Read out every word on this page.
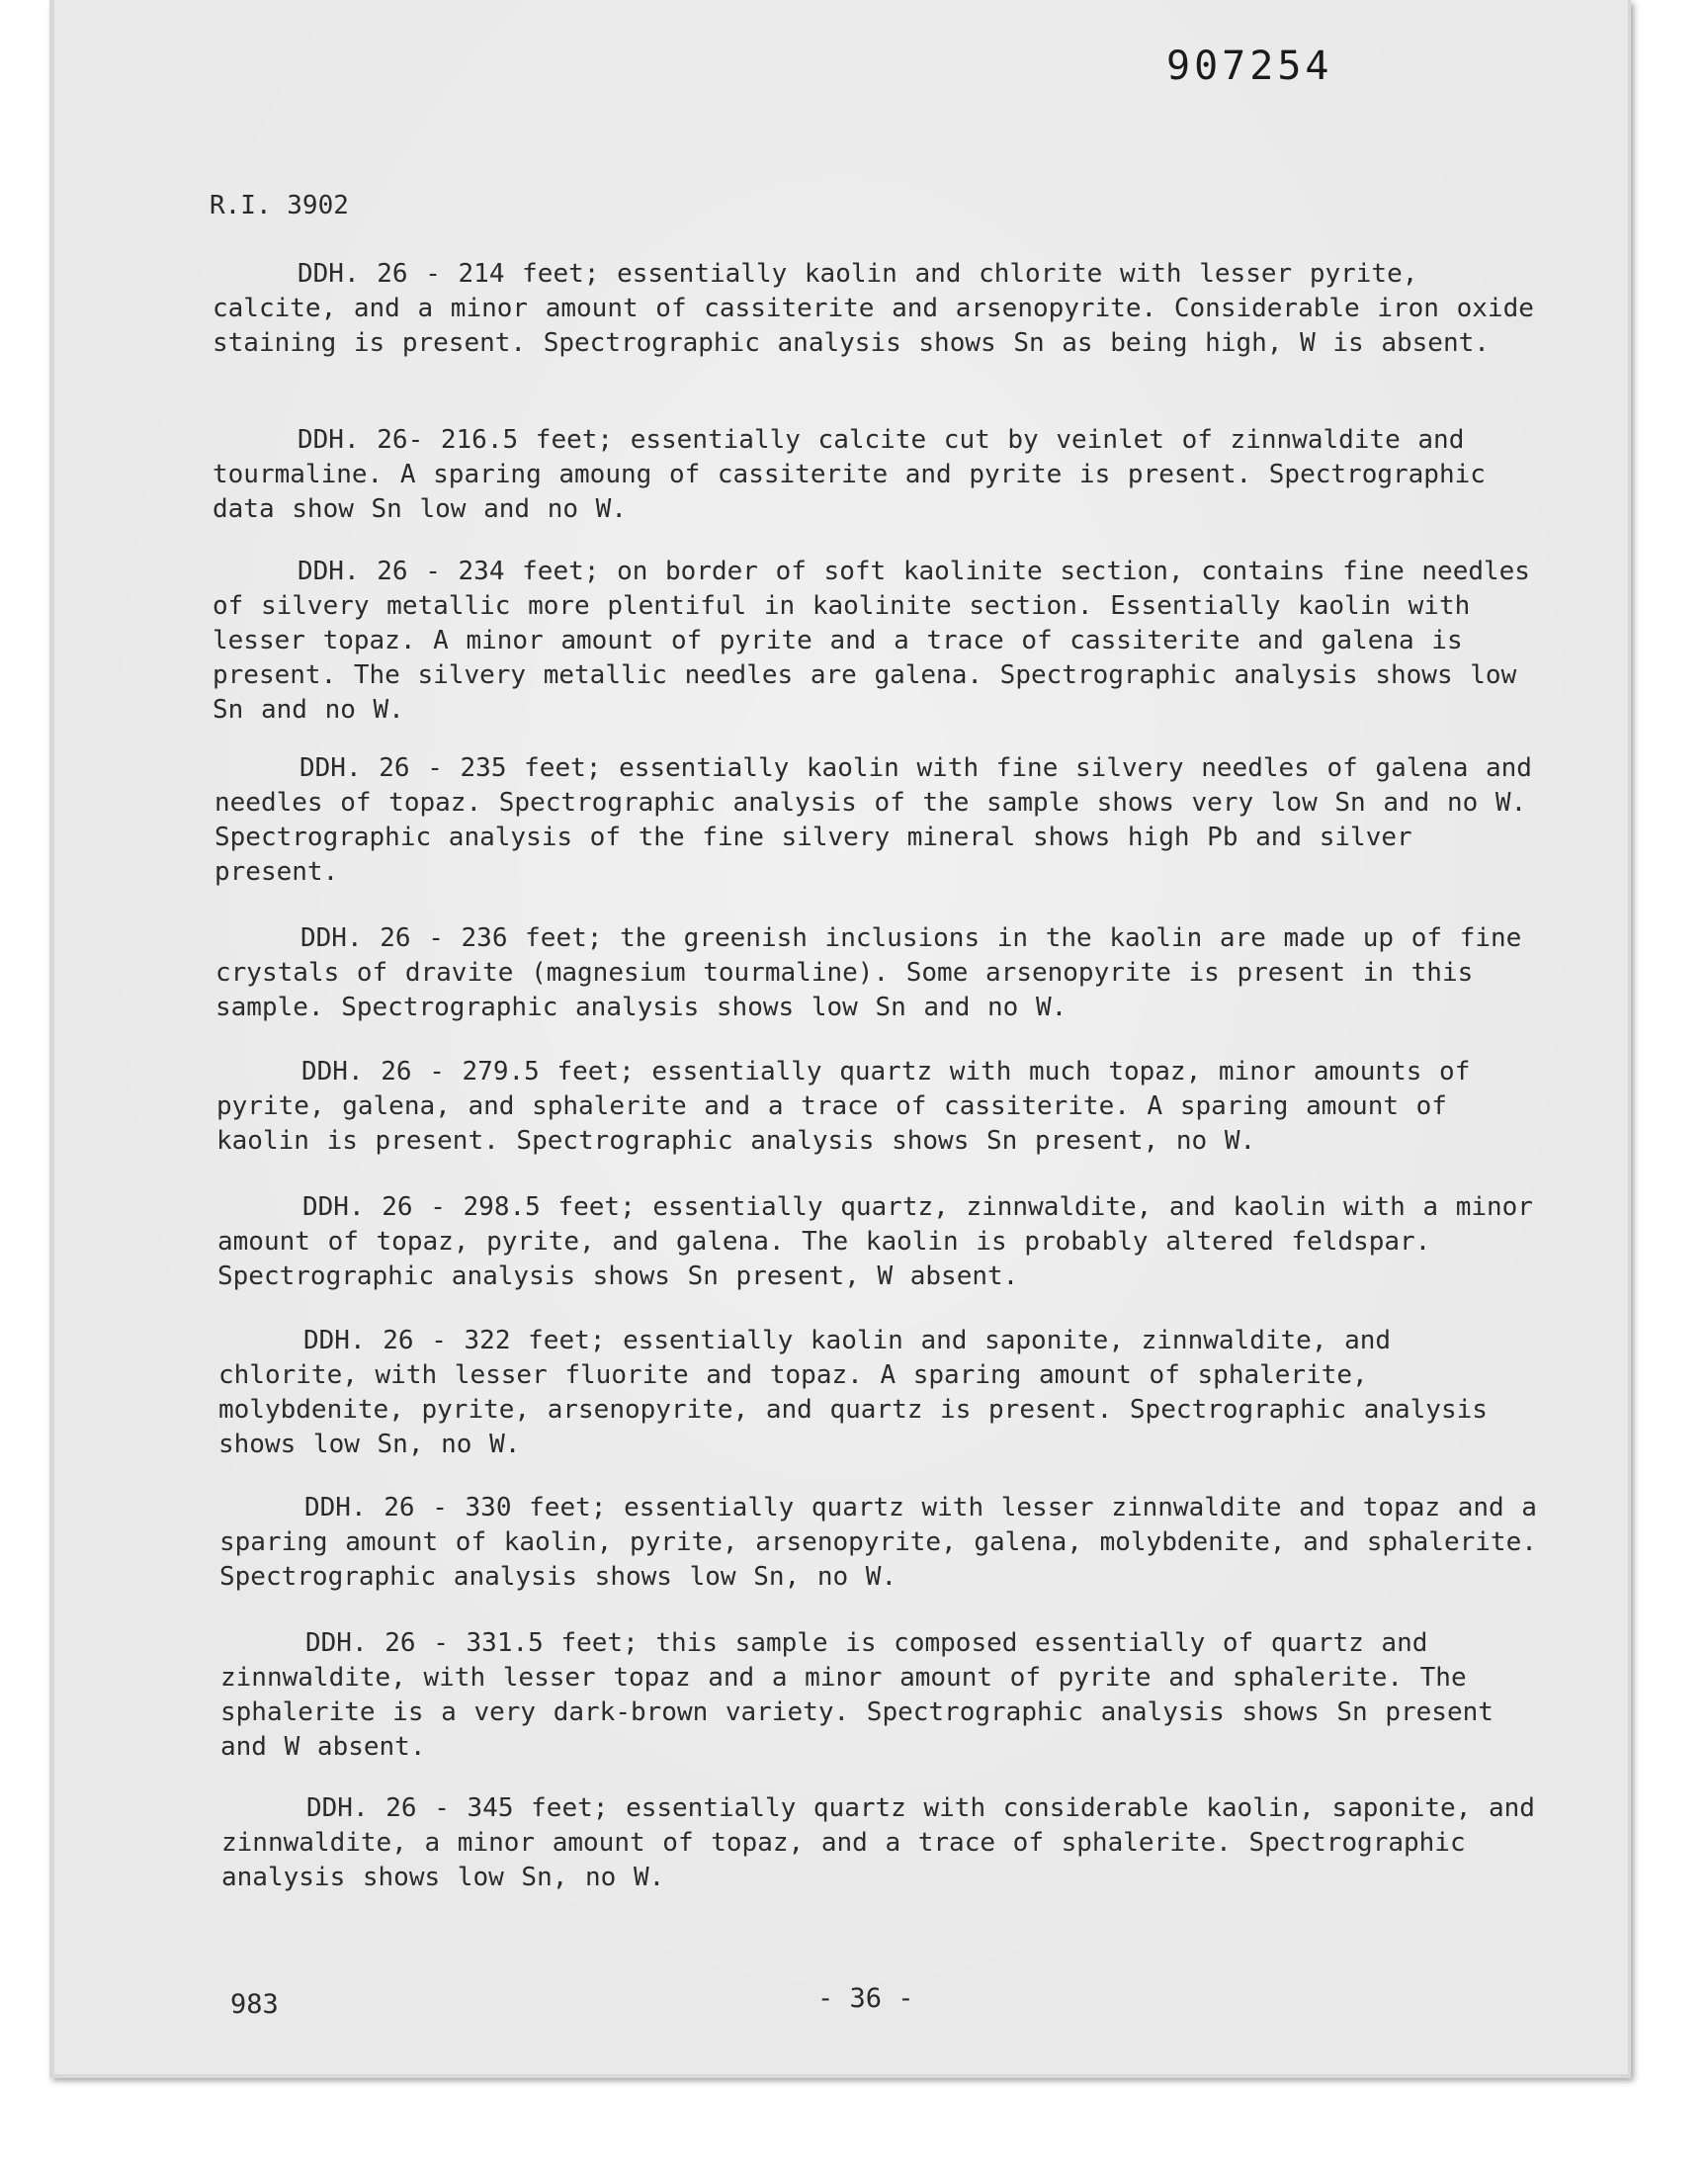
907254
R.I. 3902
DDH. 26 - 214 feet; essentially kaolin and chlorite with lesser pyrite, calcite, and a minor amount of cassiterite and arsenopyrite. Considerable iron oxide staining is present. Spectrographic analysis shows Sn as being high, W is absent.
DDH. 26- 216.5 feet; essentially calcite cut by veinlet of zinnwaldite and tourmaline. A sparing amoung of cassiterite and pyrite is present. Spectrographic data show Sn low and no W.
DDH. 26 - 234 feet; on border of soft kaolinite section, contains fine needles of silvery metallic more plentiful in kaolinite section. Essentially kaolin with lesser topaz. A minor amount of pyrite and a trace of cassiterite and galena is present. The silvery metallic needles are galena. Spectrographic analysis shows low Sn and no W.
DDH. 26 - 235 feet; essentially kaolin with fine silvery needles of galena and needles of topaz. Spectrographic analysis of the sample shows very low Sn and no W. Spectrographic analysis of the fine silvery mineral shows high Pb and silver present.
DDH. 26 - 236 feet; the greenish inclusions in the kaolin are made up of fine crystals of dravite (magnesium tourmaline). Some arsenopyrite is present in this sample. Spectrographic analysis shows low Sn and no W.
DDH. 26 - 279.5 feet; essentially quartz with much topaz, minor amounts of pyrite, galena, and sphalerite and a trace of cassiterite. A sparing amount of kaolin is present. Spectrographic analysis shows Sn present, no W.
DDH. 26 - 298.5 feet; essentially quartz, zinnwaldite, and kaolin with a minor amount of topaz, pyrite, and galena. The kaolin is probably altered feldspar. Spectrographic analysis shows Sn present, W absent.
DDH. 26 - 322 feet; essentially kaolin and saponite, zinnwaldite, and chlorite, with lesser fluorite and topaz. A sparing amount of sphalerite, molybdenite, pyrite, arsenopyrite, and quartz is present. Spectrographic analysis shows low Sn, no W.
DDH. 26 - 330 feet; essentially quartz with lesser zinnwaldite and topaz and a sparing amount of kaolin, pyrite, arsenopyrite, galena, molybdenite, and sphalerite. Spectrographic analysis shows low Sn, no W.
DDH. 26 - 331.5 feet; this sample is composed essentially of quartz and zinnwaldite, with lesser topaz and a minor amount of pyrite and sphalerite. The sphalerite is a very dark-brown variety. Spectrographic analysis shows Sn present and W absent.
DDH. 26 - 345 feet; essentially quartz with considerable kaolin, saponite, and zinnwaldite, a minor amount of topaz, and a trace of sphalerite. Spectrographic analysis shows low Sn, no W.
983	- 36 -
